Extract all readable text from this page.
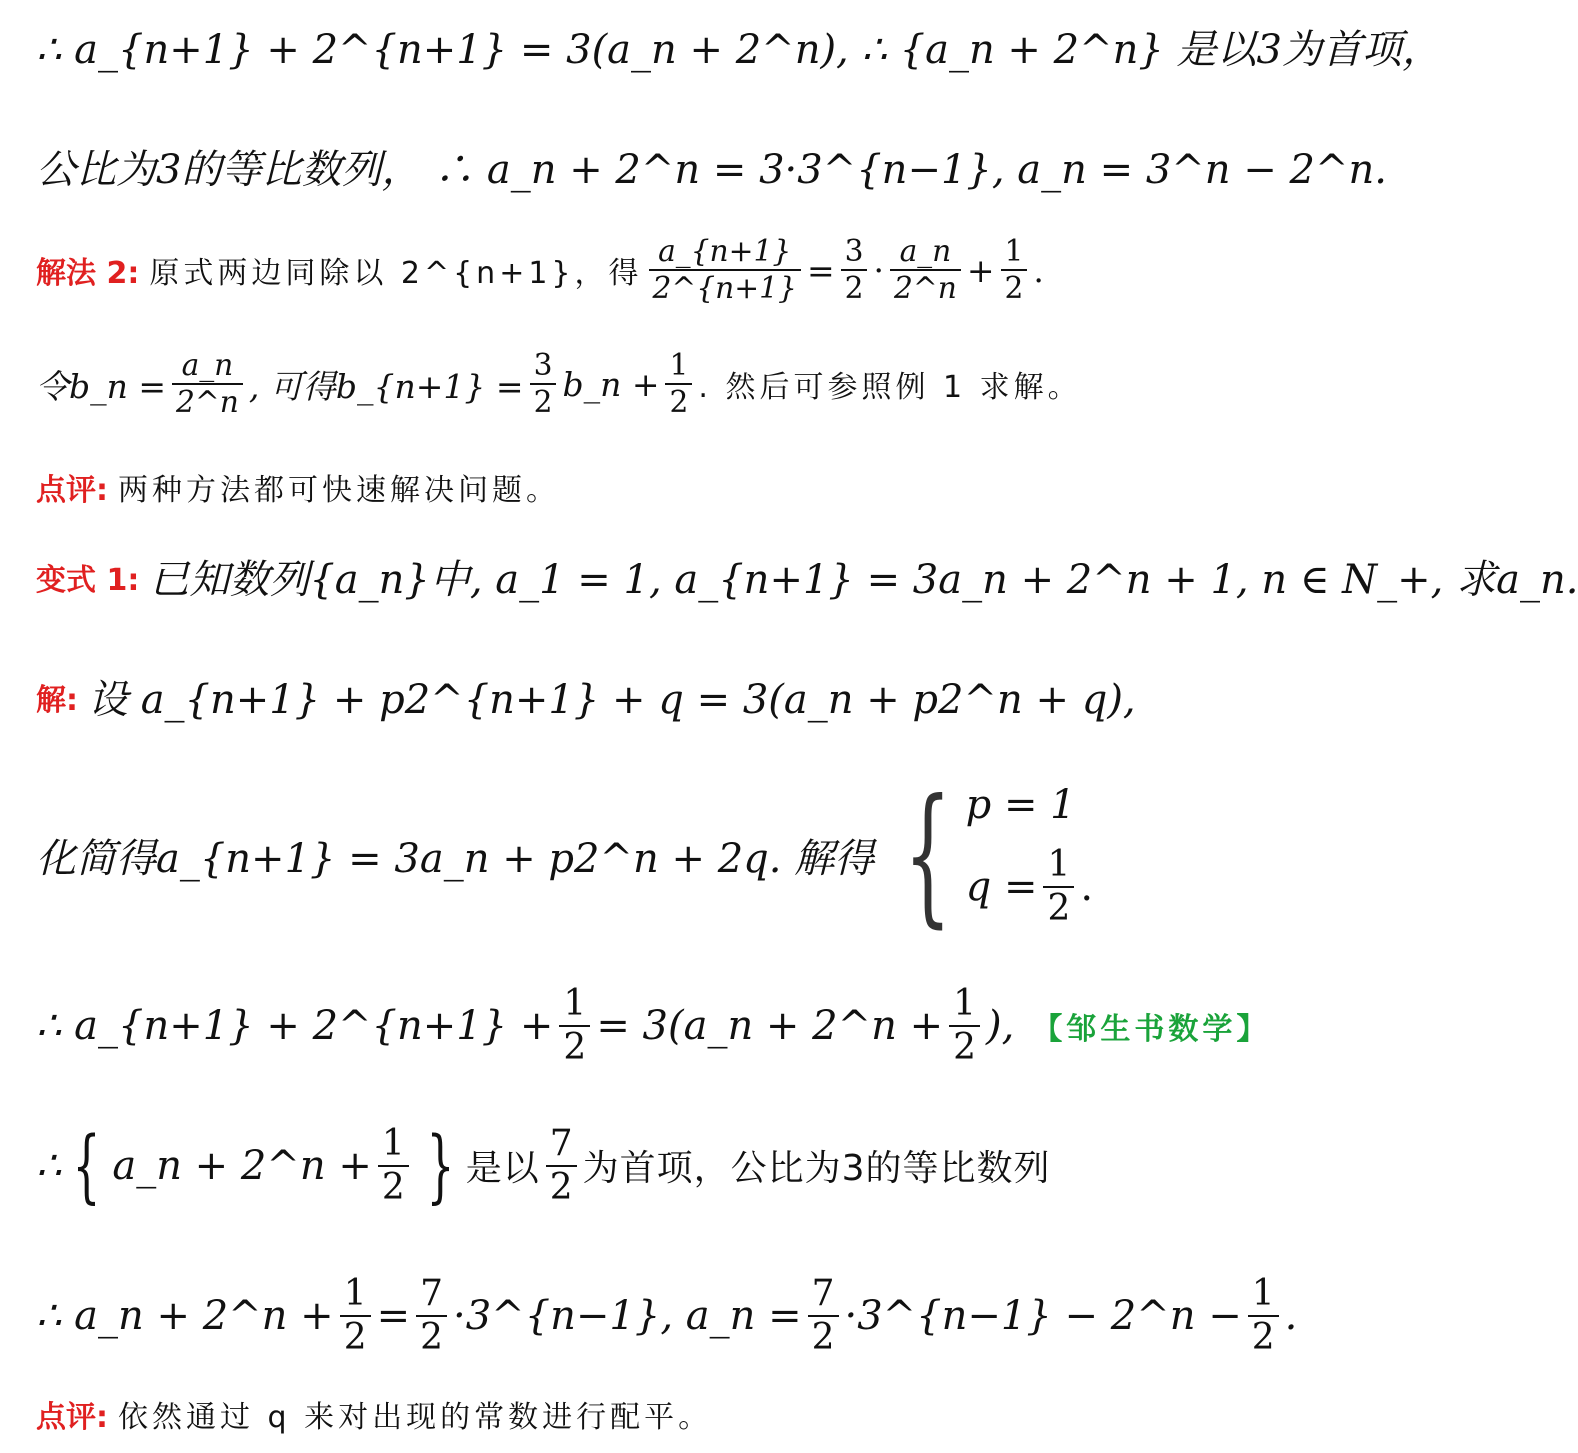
∴ a_{n+1} + 2^{n+1} = 3(a_n + 2^n), ∴ {a_n + 2^n} 是以3为首项，
公比为3的等比数列， ∴ a_n + 2^n = 3·3^{n−1}, a_n = 3^n − 2^n.
解法 2: 原式两边同除以 2^{n+1}，得 $\frac{a\_\{n+1\}}{2\^{}\{n+1\}} = \frac{3}{2} \cdot \frac{a\_n}{2\^{}n} + \frac{1}{2}$ .
令b_n = $\frac{a\_n}{2\^{}n}$ , 可得b_{n+1} = $\frac{3}{2}$ b_n + $\frac{1}{2}$ . 然后可参照例 1 求解。
点评: 两种方法都可快速解决问题。
变式 1: 已知数列{a_n}中, a_1 = 1, a_{n+1} = 3a_n + 2^n + 1, n ∈ N_+, 求a_n.
解: 设 a_{n+1} + p2^{n+1} + q = 3(a_n + p2^n + q),
化简得a_{n+1} = 3a_n + p2^n + 2q. 解得 { p = 1
$q = \frac{1}{2}$ .
∴ a_{n+1} + 2^{n+1} + $\frac{1}{2}$ = 3(a_n + 2^n + $\frac{1}{2}$ ), 【邹生书数学】
∴ { a_n + 2^n + $\frac{1}{2}$ } 是以 $\frac{7}{2}$ 为首项，公比为3的等比数列
∴ a_n + 2^n + $\frac{1}{2} = \frac{7}{2}$ ·3^{n−1}, a_n = $\frac{7}{2}$ ·3^{n−1} − 2^n − $\frac{1}{2}$ .
点评: 依然通过 q 来对出现的常数进行配平。
